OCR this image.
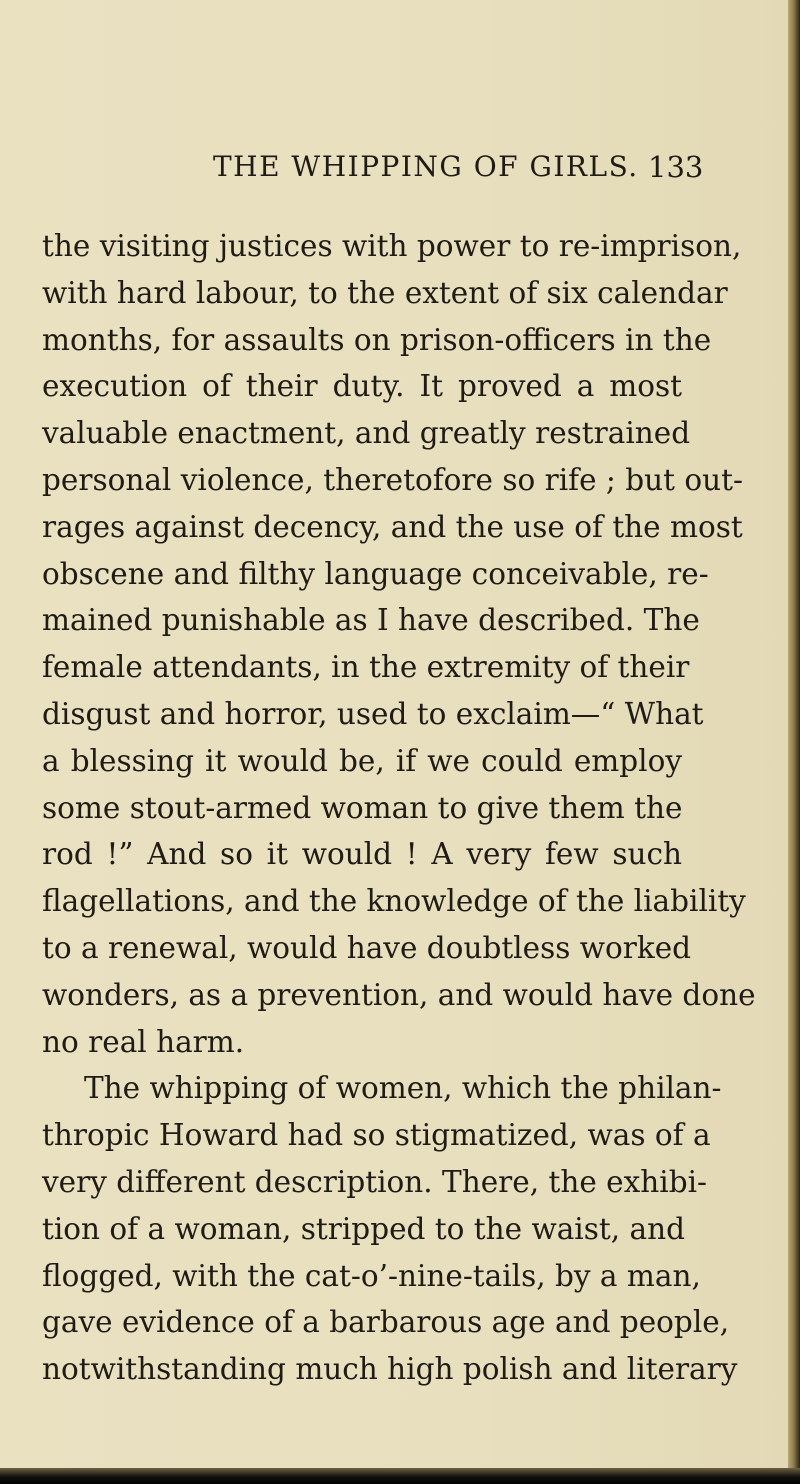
THE WHIPPING OF GIRLS. 133
the visiting justices with power to re-imprison,
with hard labour, to the extent of six calendar
months, for assaults on prison-officers in the
execution of their duty. It proved a most
valuable enactment, and greatly restrained
personal violence, theretofore so rife ; but out-
rages against decency, and the use of the most
obscene and filthy language conceivable, re-
mained punishable as I have described. The
female attendants, in the extremity of their
disgust and horror, used to exclaim—“ What
a blessing it would be, if we could employ
some stout-armed woman to give them the
rod !” And so it would ! A very few such
flagellations, and the knowledge of the liability
to a renewal, would have doubtless worked
wonders, as a prevention, and would have done
no real harm.
The whipping of women, which the philan-
thropic Howard had so stigmatized, was of a
very different description. There, the exhibi-
tion of a woman, stripped to the waist, and
flogged, with the cat-o’-nine-tails, by a man,
gave evidence of a barbarous age and people,
notwithstanding much high polish and literary
